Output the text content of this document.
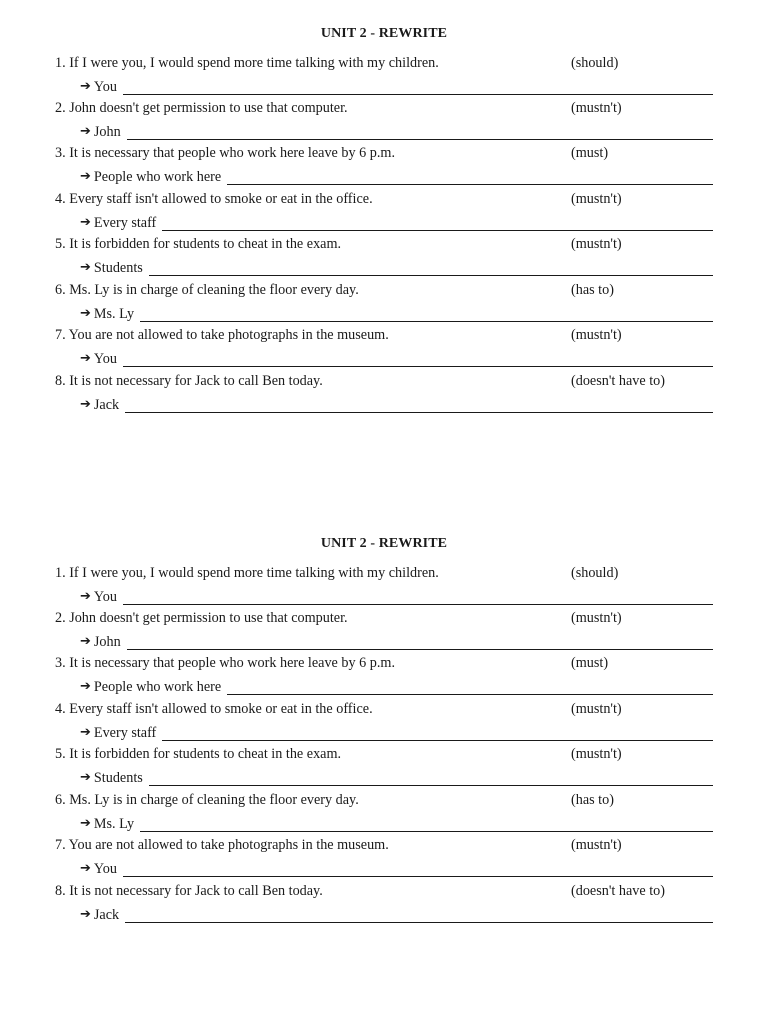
UNIT 2 - REWRITE
1. If I were you, I would spend more time talking with my children.	(should)
➔ You
2. John doesn't get permission to use that computer.	(mustn't)
➔ John
3. It is necessary that people who work here leave by 6 p.m.	(must)
➔ People who work here
4. Every staff isn't allowed to smoke or eat in the office.	(mustn't)
➔ Every staff
5. It is forbidden for students to cheat in the exam.	(mustn't)
➔ Students
6. Ms. Ly is in charge of cleaning the floor every day.	(has to)
➔ Ms. Ly
7. You are not allowed to take photographs in the museum.	(mustn't)
➔ You
8. It is not necessary for Jack to call Ben today.	(doesn't have to)
➔ Jack
UNIT 2 - REWRITE
1. If I were you, I would spend more time talking with my children.	(should)
➔ You
2. John doesn't get permission to use that computer.	(mustn't)
➔ John
3. It is necessary that people who work here leave by 6 p.m.	(must)
➔ People who work here
4. Every staff isn't allowed to smoke or eat in the office.	(mustn't)
➔ Every staff
5. It is forbidden for students to cheat in the exam.	(mustn't)
➔ Students
6. Ms. Ly is in charge of cleaning the floor every day.	(has to)
➔ Ms. Ly
7. You are not allowed to take photographs in the museum.	(mustn't)
➔ You
8. It is not necessary for Jack to call Ben today.	(doesn't have to)
➔ Jack
